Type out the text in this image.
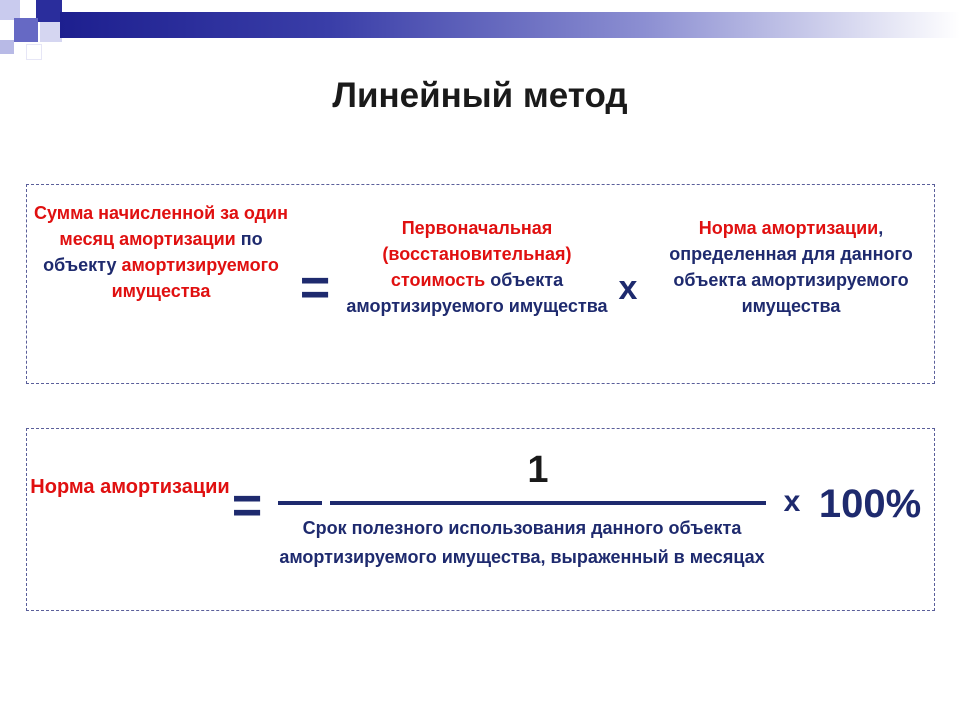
Линейный метод
Сумма начисленной за один месяц амортизации по объекту амортизируемого имущества	=
Первоначальная (восстановительная) стоимость объекта амортизируемого имущества х
Норма амортизации, определенная для данного объекта амортизируемого имущества
Норма амортизации =
1
Срок полезного использования данного объекта амортизируемого имущества, выраженный в месяцах
х 100%
